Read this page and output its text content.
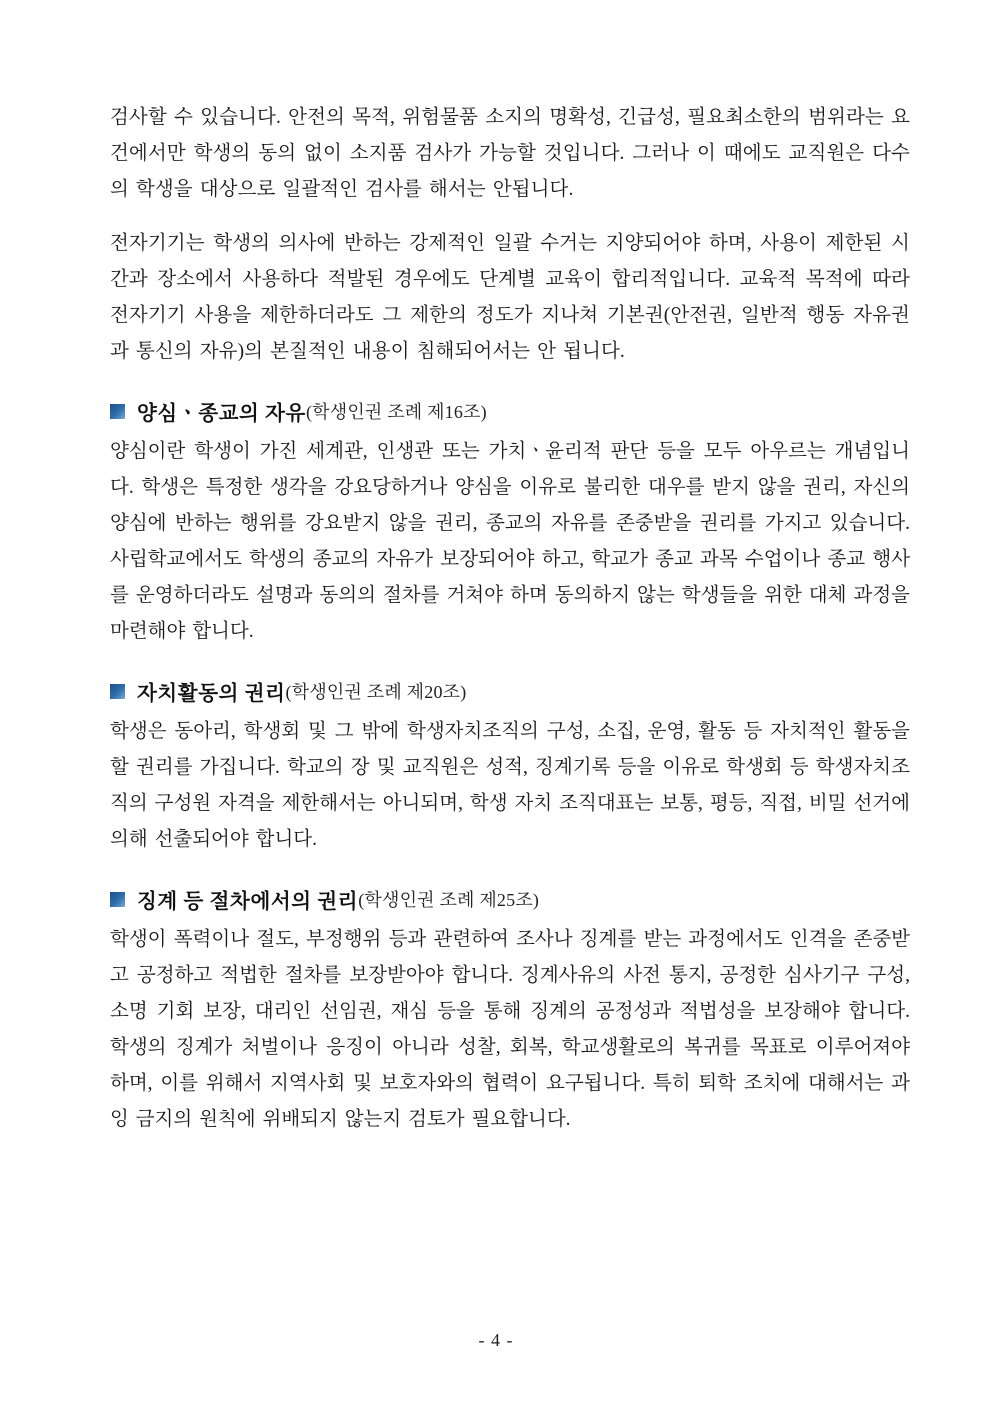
검사할 수 있습니다. 안전의 목적, 위험물품 소지의 명확성, 긴급성, 필요최소한의 범위라는 요건에서만 학생의 동의 없이 소지품 검사가 가능할 것입니다. 그러나 이 때에도 교직원은 다수의 학생을 대상으로 일괄적인 검사를 해서는 안됩니다.

전자기기는 학생의 의사에 반하는 강제적인 일괄 수거는 지양되어야 하며, 사용이 제한된 시간과 장소에서 사용하다 적발된 경우에도 단계별 교육이 합리적입니다. 교육적 목적에 따라 전자기기 사용을 제한하더라도 그 제한의 정도가 지나쳐 기본권(안전권, 일반적 행동 자유권과 통신의 자유)의 본질적인 내용이 침해되어서는 안 됩니다.

양심ㆍ종교의 자유 (학생인권 조례 제16조)

양심이란 학생이 가진 세계관, 인생관 또는 가치ㆍ윤리적 판단 등을 모두 아우르는 개념입니다. 학생은 특정한 생각을 강요당하거나 양심을 이유로 불리한 대우를 받지 않을 권리, 자신의 양심에 반하는 행위를 강요받지 않을 권리, 종교의 자유를 존중받을 권리를 가지고 있습니다. 사립학교에서도 학생의 종교의 자유가 보장되어야 하고, 학교가 종교 과목 수업이나 종교 행사를 운영하더라도 설명과 동의의 절차를 거쳐야 하며 동의하지 않는 학생들을 위한 대체 과정을 마련해야 합니다.

자치활동의 권리 (학생인권 조례 제20조)

학생은 동아리, 학생회 및 그 밖에 학생자치조직의 구성, 소집, 운영, 활동 등 자치적인 활동을 할 권리를 가집니다. 학교의 장 및 교직원은 성적, 징계기록 등을 이유로 학생회 등 학생자치조직의 구성원 자격을 제한해서는 아니되며, 학생 자치 조직대표는 보통, 평등, 직접, 비밀 선거에 의해 선출되어야 합니다.

징계 등 절차에서의 권리 (학생인권 조례 제25조)

학생이 폭력이나 절도, 부정행위 등과 관련하여 조사나 징계를 받는 과정에서도 인격을 존중받고 공정하고 적법한 절차를 보장받아야 합니다. 징계사유의 사전 통지, 공정한 심사기구 구성, 소명 기회 보장, 대리인 선임권, 재심 등을 통해 징계의 공정성과 적법성을 보장해야 합니다. 학생의 징계가 처벌이나 응징이 아니라 성찰, 회복, 학교생활로의 복귀를 목표로 이루어져야 하며, 이를 위해서 지역사회 및 보호자와의 협력이 요구됩니다. 특히 퇴학 조치에 대해서는 과잉 금지의 원칙에 위배되지 않는지 검토가 필요합니다.

- 4 -
